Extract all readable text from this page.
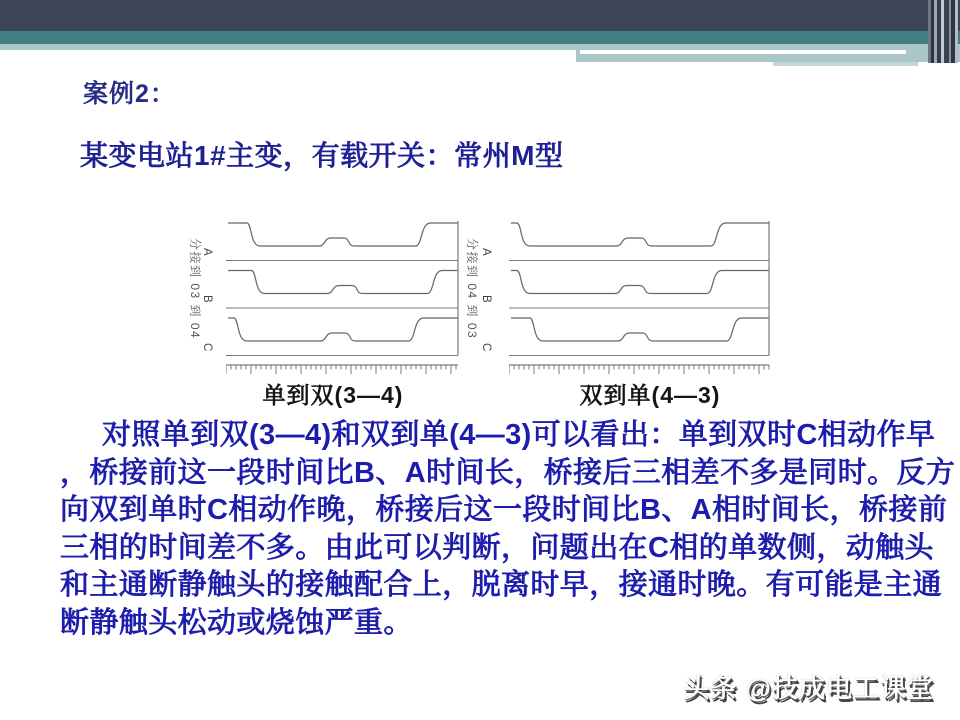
案例2：
某变电站1#主变，有载开关：常州M型
分接到 03 到 04 A
B
C
分接到 04 到 03 A
B
C
单到双(3—4)	双到单(4—3)
对照单到双(3—4)和双到单(4—3)可以看出：单到双时C相动作早
，桥接前这一段时间比B、A时间长，桥接后三相差不多是同时。反方
向双到单时C相动作晚，桥接后这一段时间比B、A相时间长，桥接前
三相的时间差不多。由此可以判断，问题出在C相的单数侧，动触头
和主通断静触头的接触配合上，脱离时早，接通时晚。有可能是主通
断静触头松动或烧蚀严重。
头条 @技成电工课堂
